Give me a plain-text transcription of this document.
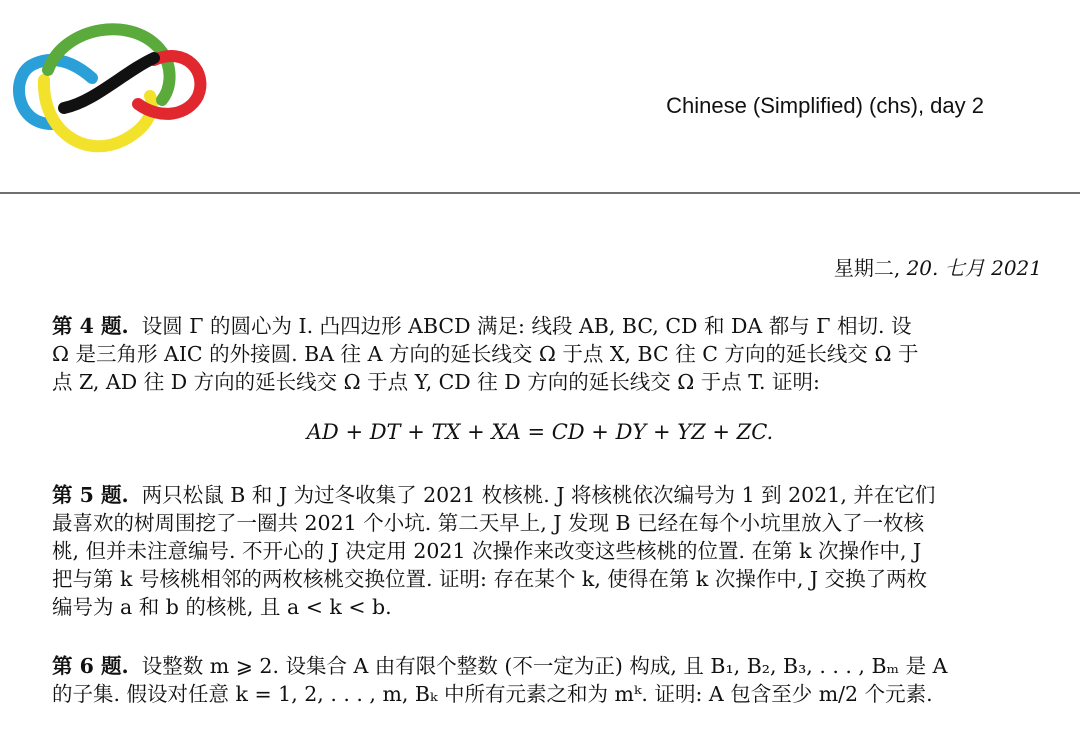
Chinese (Simplified) (chs), day 2
星期二, 20. 七月 2021
第 4 题. 设圆 Γ 的圆心为 I. 凸四边形 ABCD 满足: 线段 AB, BC, CD 和 DA 都与 Γ 相切. 设
Ω 是三角形 AIC 的外接圆. BA 往 A 方向的延长线交 Ω 于点 X, BC 往 C 方向的延长线交 Ω 于
点 Z, AD 往 D 方向的延长线交 Ω 于点 Y, CD 往 D 方向的延长线交 Ω 于点 T. 证明:
AD + DT + TX + XA = CD + DY + YZ + ZC.
第 5 题. 两只松鼠 B 和 J 为过冬收集了 2021 枚核桃. J 将核桃依次编号为 1 到 2021, 并在它们
最喜欢的树周围挖了一圈共 2021 个小坑. 第二天早上, J 发现 B 已经在每个小坑里放入了一枚核
桃, 但并未注意编号. 不开心的 J 决定用 2021 次操作来改变这些核桃的位置. 在第 k 次操作中, J
把与第 k 号核桃相邻的两枚核桃交换位置. 证明: 存在某个 k, 使得在第 k 次操作中, J 交换了两枚
编号为 a 和 b 的核桃, 且 a < k < b.
第 6 题. 设整数 m ⩾ 2. 设集合 A 由有限个整数 (不一定为正) 构成, 且 B₁, B₂, B₃, . . . , Bₘ 是 A
的子集. 假设对任意 k = 1, 2, . . . , m, Bₖ 中所有元素之和为 mᵏ. 证明: A 包含至少 m/2 个元素.
